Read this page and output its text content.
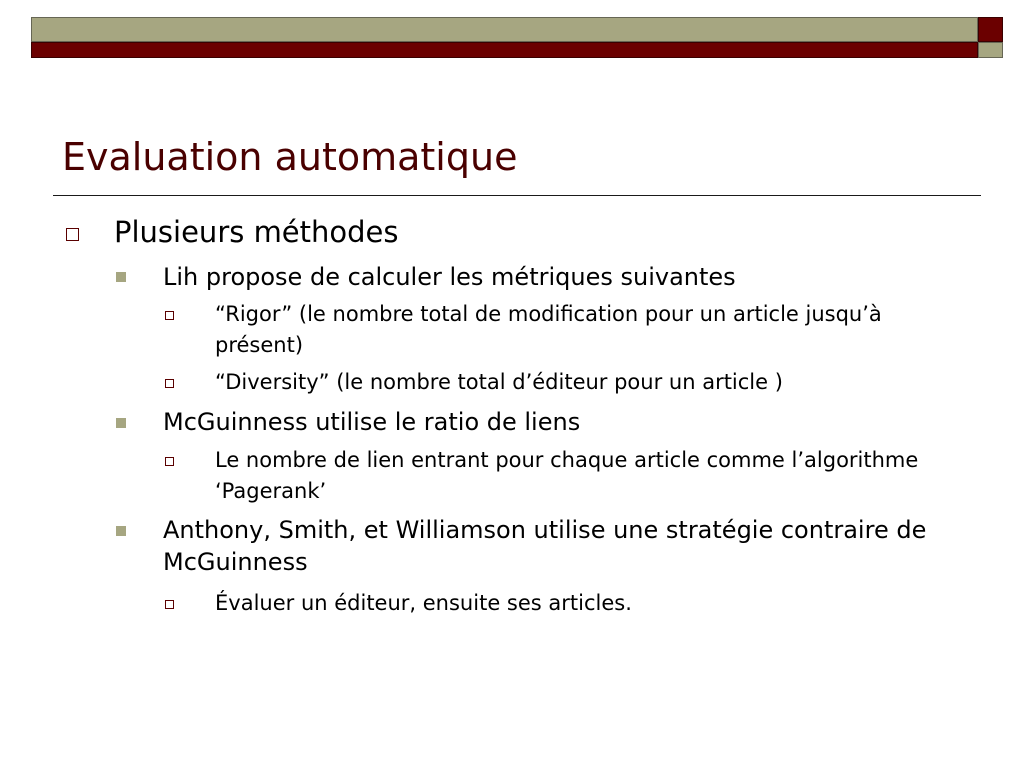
Evaluation automatique
Plusieurs méthodes
Lih propose de calculer les métriques suivantes
“Rigor” (le nombre total de modification pour un article jusqu’à présent)
“Diversity” (le nombre total d’éditeur pour un article )
McGuinness utilise le ratio de liens
Le nombre de lien entrant pour chaque article comme l’algorithme ‘Pagerank’
Anthony, Smith, et Williamson utilise une stratégie contraire de McGuinness
Évaluer un éditeur, ensuite ses articles.
